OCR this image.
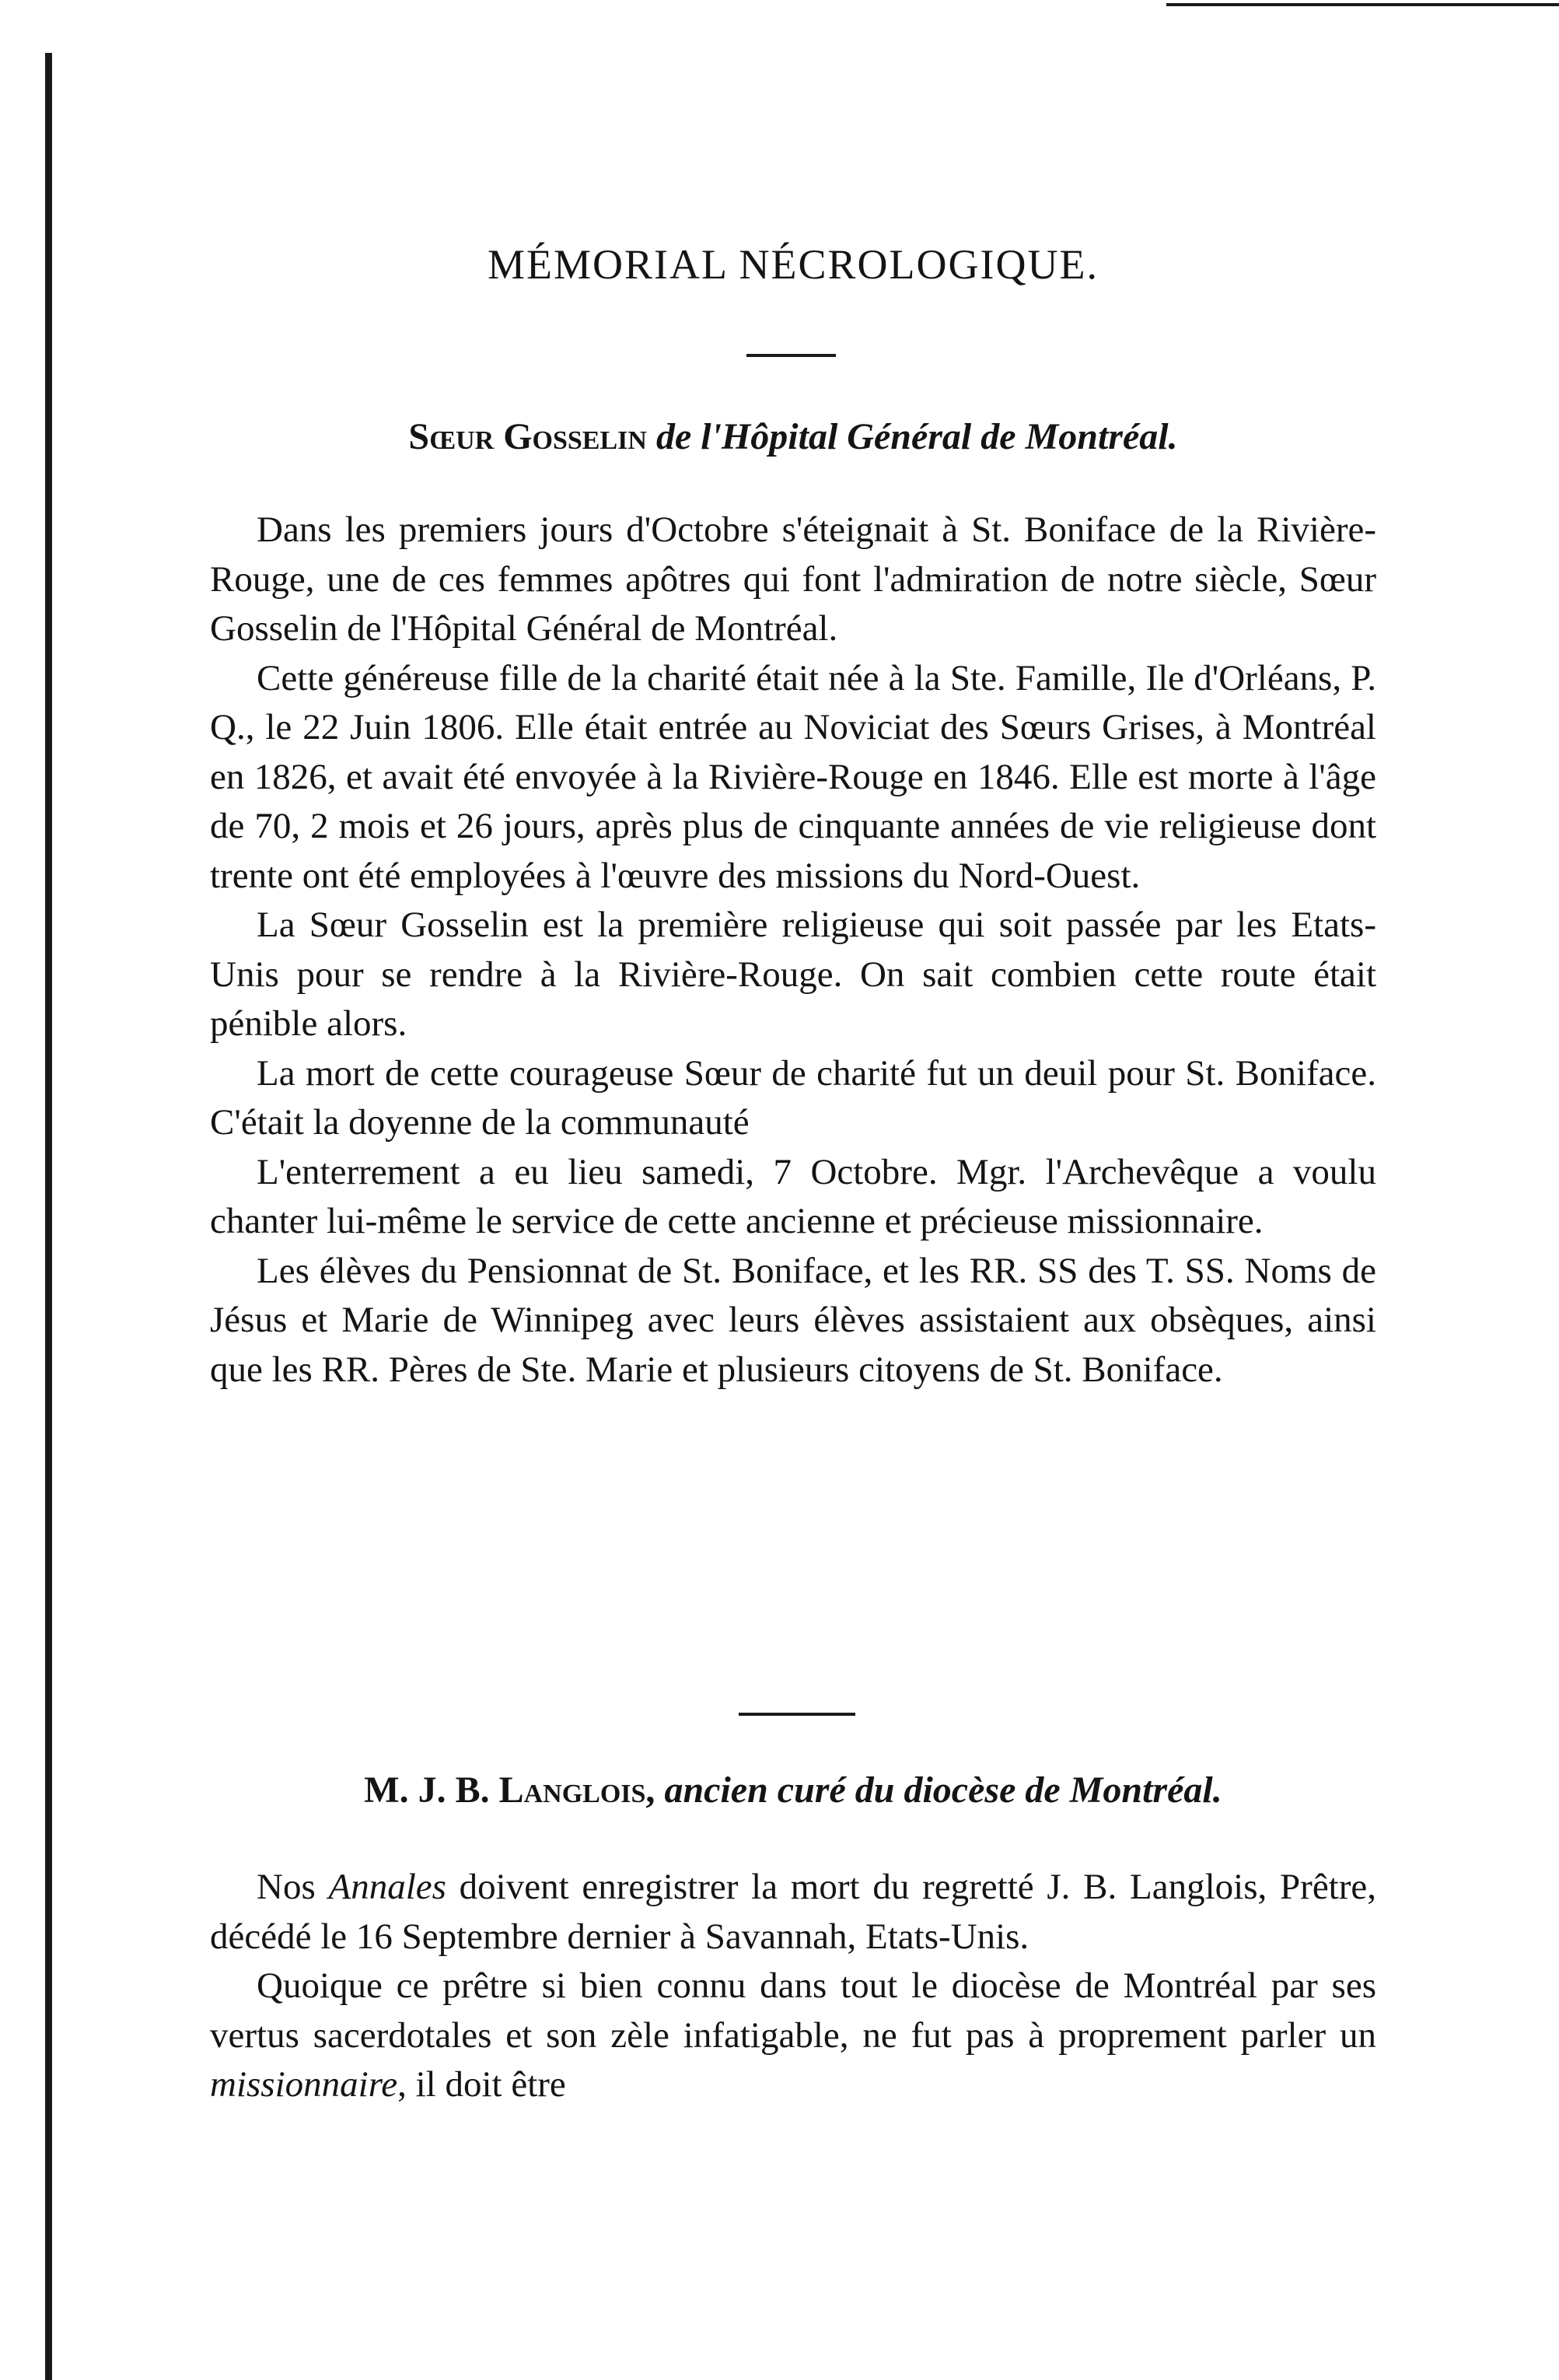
MÉMORIAL NÉCROLOGIQUE.
Sœur Gosselin de l'Hôpital Général de Montréal.

Dans les premiers jours d'Octobre s'éteignait à St. Boniface de la Rivière-Rouge, une de ces femmes apôtres qui font l'admiration de notre siècle, Sœur Gosselin de l'Hôpital Général de Montréal.

Cette généreuse fille de la charité était née à la Ste. Famille, Ile d'Orléans, P. Q., le 22 Juin 1806. Elle était entrée au Noviciat des Sœurs Grises, à Montréal en 1826, et avait été envoyée à la Rivière-Rouge en 1846. Elle est morte à l'âge de 70, 2 mois et 26 jours, après plus de cinquante années de vie religieuse dont trente ont été employées à l'œuvre des missions du Nord-Ouest.

La Sœur Gosselin est la première religieuse qui soit passée par les Etats-Unis pour se rendre à la Rivière-Rouge. On sait combien cette route était pénible alors.

La mort de cette courageuse Sœur de charité fut un deuil pour St. Boniface. C'était la doyenne de la communauté

L'enterrement a eu lieu samedi, 7 Octobre. Mgr. l'Archevêque a voulu chanter lui-même le service de cette ancienne et précieuse missionnaire.

Les élèves du Pensionnat de St. Boniface, et les RR. SS des T. SS. Noms de Jésus et Marie de Winnipeg avec leurs élèves assistaient aux obsèques, ainsi que les RR. Pères de Ste. Marie et plusieurs citoyens de St. Boniface.

M. J. B. Langlois, ancien curé du diocèse de Montréal.

Nos Annales doivent enregistrer la mort du regretté J. B. Langlois, Prêtre, décédé le 16 Septembre dernier à Savannah, Etats-Unis.

Quoique ce prêtre si bien connu dans tout le diocèse de Montréal par ses vertus sacerdotales et son zèle infatigable, ne fut pas à proprement parler un missionnaire, il doit être
